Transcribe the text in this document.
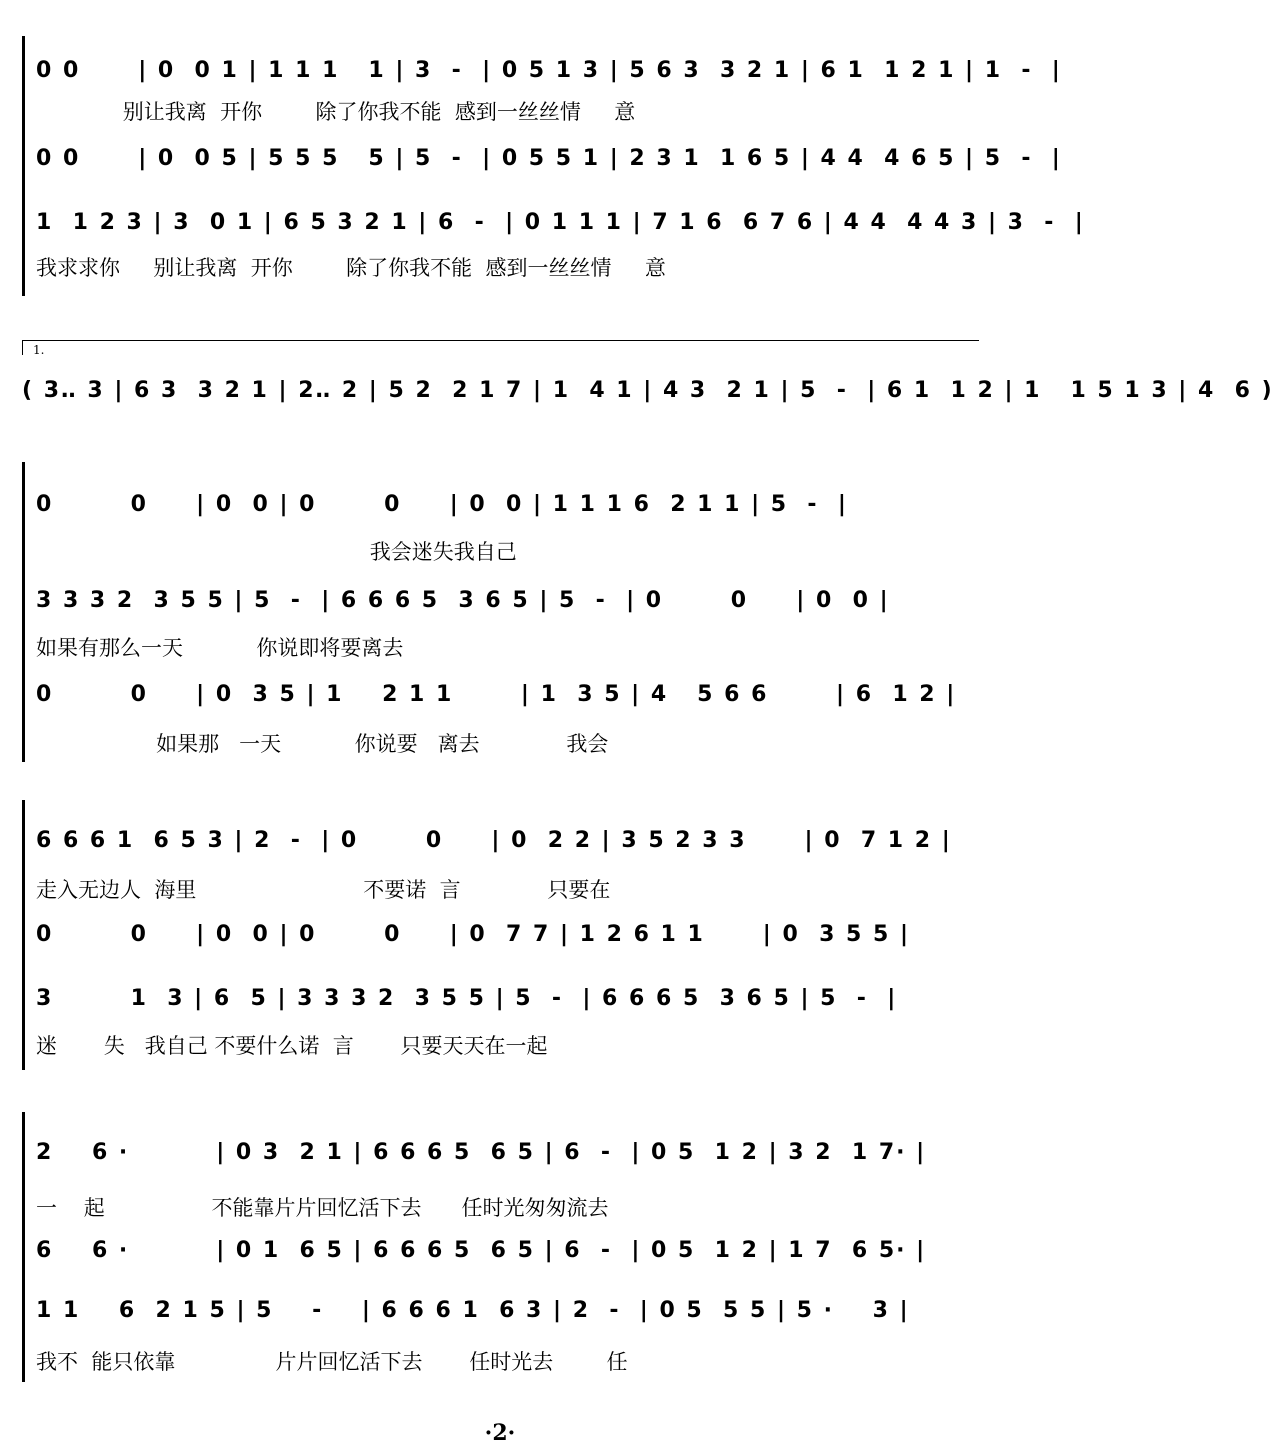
0 0      | 0  0 1 | 1 1 1   1 | 3  -  | 0 5 1 3 | 5 6 3  3 2 1 | 6 1  1 2 1 | 1  -  |
别让我离  开你        除了你我不能  感到一丝丝情     意
0 0      | 0  0 5 | 5 5 5   5 | 5  -  | 0 5 5 1 | 2 3 1  1 6 5 | 4 4  4 6 5 | 5  -  |
1  1 2 3 | 3  0 1 | 6 5 3 2 1 | 6  -  | 0 1 1 1 | 7 1 6  6 7 6 | 4 4  4 4 3 | 3  -  |
我求求你     别让我离  开你        除了你我不能  感到一丝丝情     意
1.
( 3‥ 3 | 6 3  3 2 1 | 2‥ 2 | 5 2  2 1 7 | 1  4 1 | 4 3  2 1 | 5  -  | 6 1  1 2 | 1   1 5 1 3 | 4  6 )
0        0     | 0  0 | 0       0     | 0  0 | 1 1 1 6  2 1 1 | 5  -  |
我会迷失我自己
3 3 3 2  3 5 5 | 5  -  | 6 6 6 5  3 6 5 | 5  -  | 0       0     | 0  0 |
如果有那么一天           你说即将要离去
0        0     | 0  3 5 | 1    2 1 1       | 1  3 5 | 4   5 6 6       | 6  1 2 |
如果那   一天           你说要   离去             我会
6 6 6 1  6 5 3 | 2  -  | 0       0     | 0  2 2 | 3 5 2 3 3      | 0  7 1 2 |
走入无边人  海里                         不要诺  言             只要在
0        0     | 0  0 | 0       0     | 0  7 7 | 1 2 6 1 1      | 0  3 5 5 |
3        1  3 | 6  5 | 3 3 3 2  3 5 5 | 5  -  | 6 6 6 5  3 6 5 | 5  -  |
迷       失   我自己 不要什么诺  言       只要天天在一起
2    6 ·         | 0 3  2 1 | 6 6 6 5  6 5 | 6  -  | 0 5  1 2 | 3 2  1 7· |
一    起                不能靠片片回忆活下去      任时光匆匆流去
6    6 ·         | 0 1  6 5 | 6 6 6 5  6 5 | 6  -  | 0 5  1 2 | 1 7  6 5· |
1 1    6  2 1 5 | 5    -    | 6 6 6 1  6 3 | 2  -  | 0 5  5 5 | 5 ·    3 |
我不  能只依靠               片片回忆活下去       任时光去        任
·2·
